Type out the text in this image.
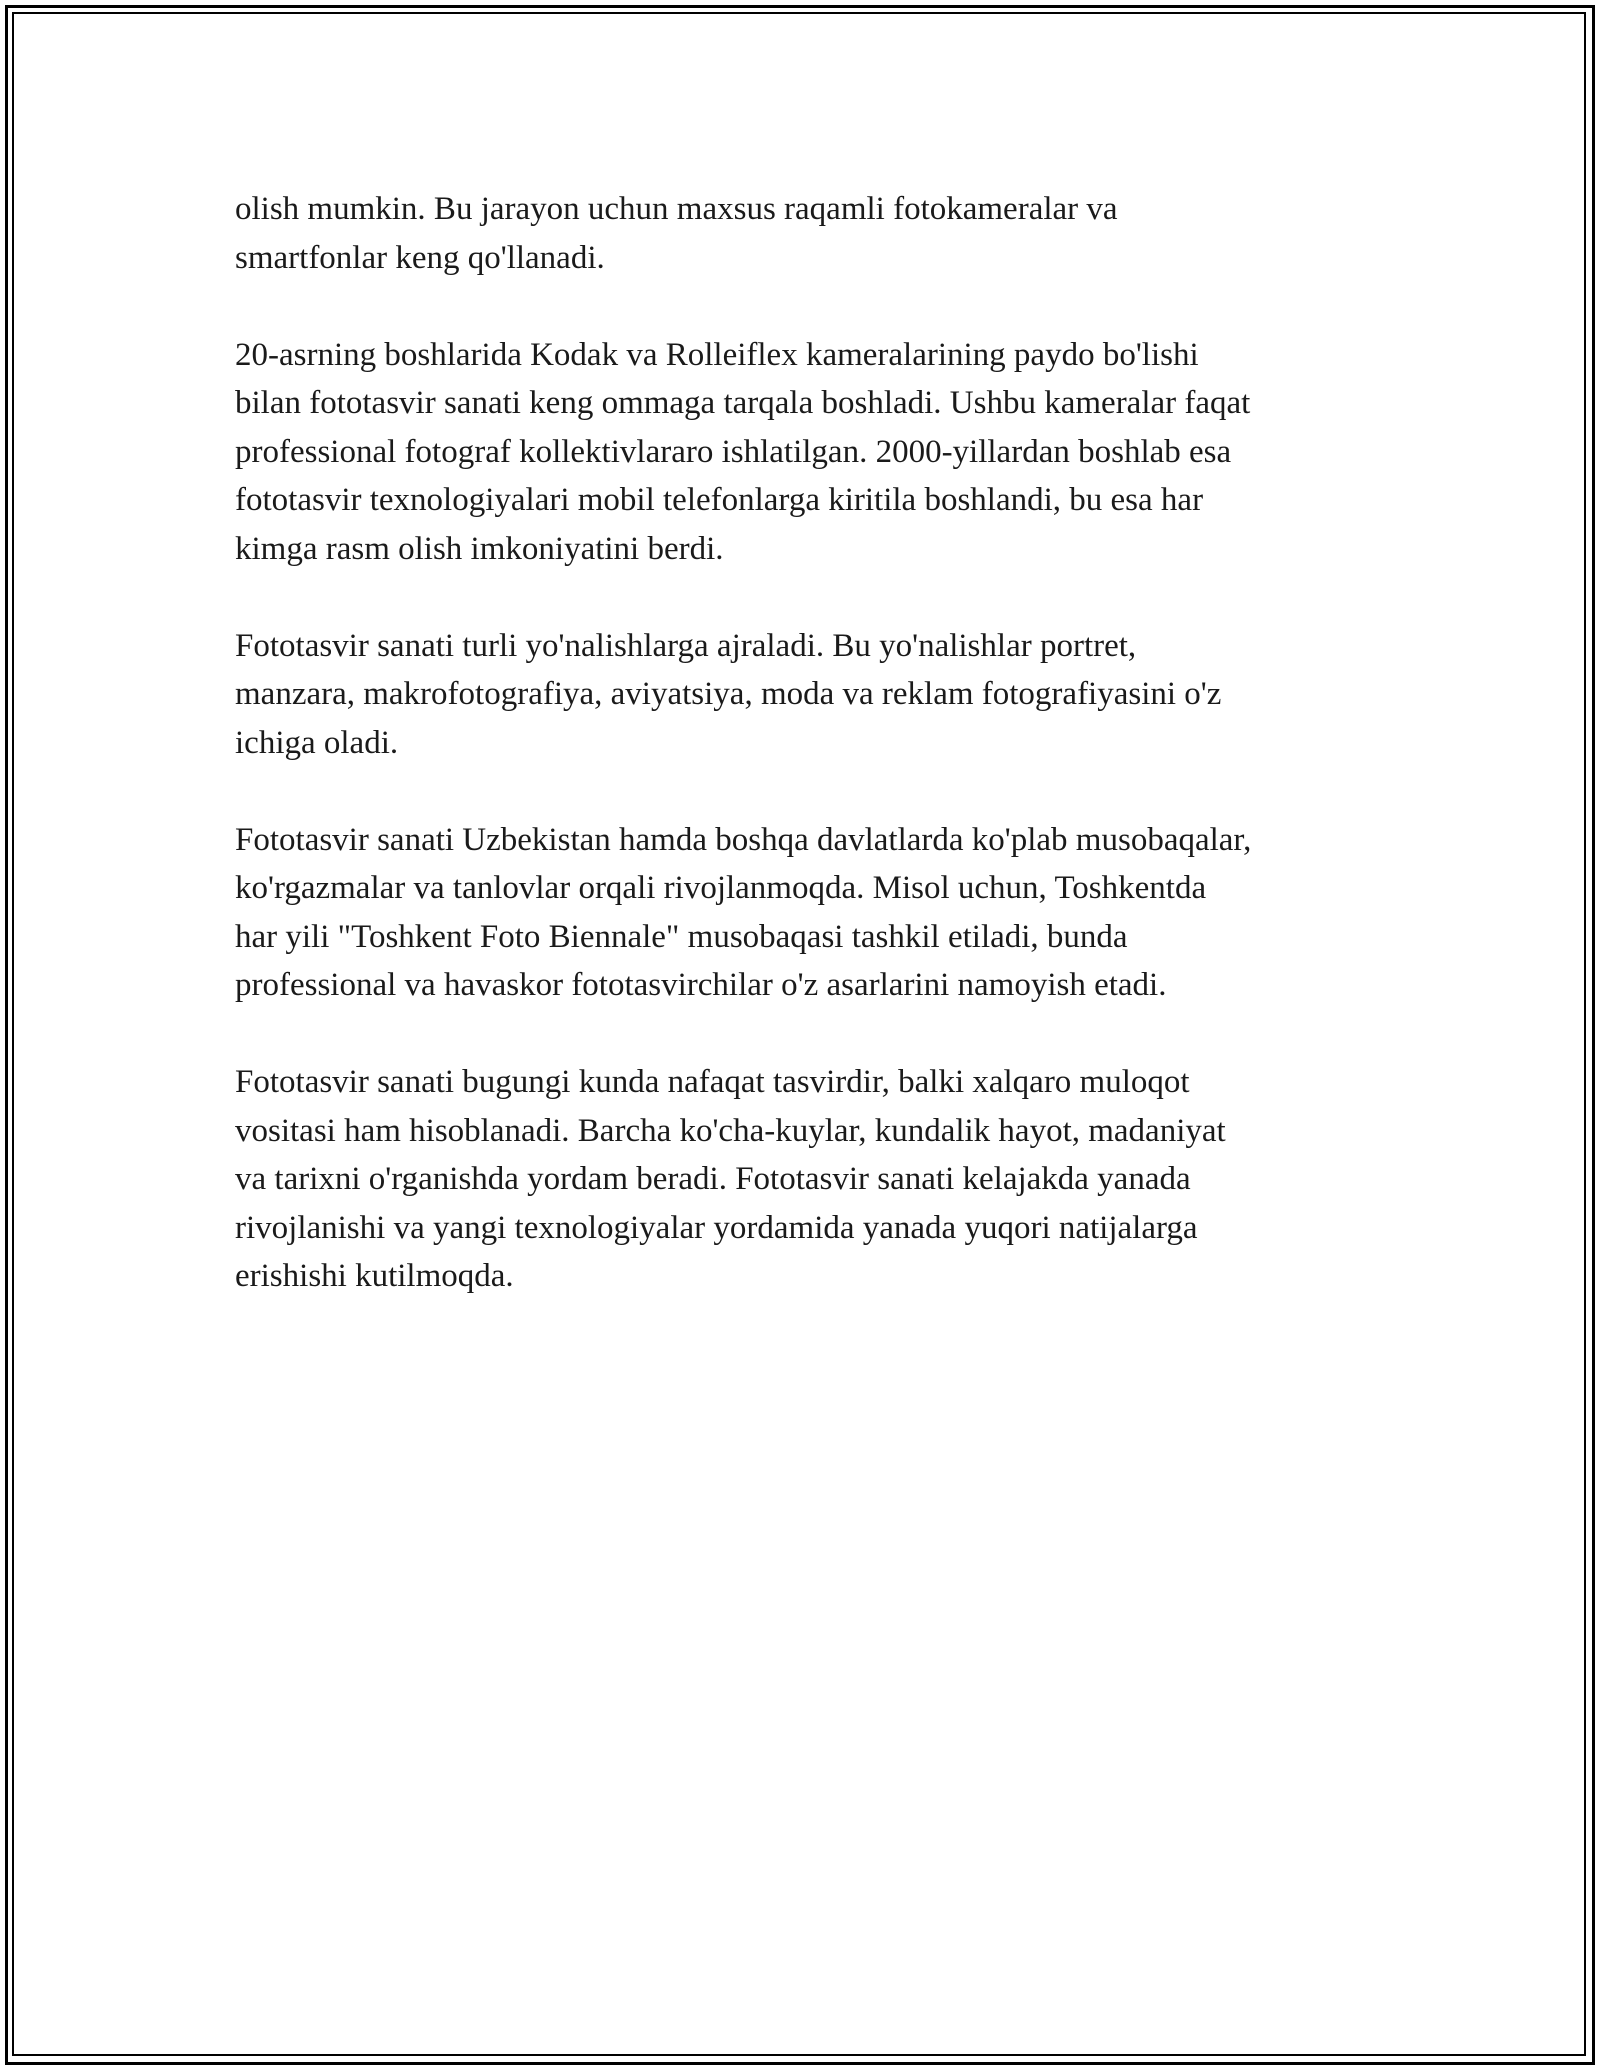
olish mumkin. Bu jarayon uchun maxsus raqamli fotokameralar va
smartfonlar keng qo'llanadi.

20-asrning boshlarida Kodak va Rolleiflex kameralarining paydo bo'lishi
bilan fototasvir sanati keng ommaga tarqala boshladi. Ushbu kameralar faqat
professional fotograf kollektivlararo ishlatilgan. 2000-yillardan boshlab esa
fototasvir texnologiyalari mobil telefonlarga kiritila boshlandi, bu esa har
kimga rasm olish imkoniyatini berdi.

Fototasvir sanati turli yo'nalishlarga ajraladi. Bu yo'nalishlar portret,
manzara, makrofotografiya, aviyatsiya, moda va reklam fotografiyasini o'z
ichiga oladi.

Fototasvir sanati Uzbekistan hamda boshqa davlatlarda ko'plab musobaqalar,
ko'rgazmalar va tanlovlar orqali rivojlanmoqda. Misol uchun, Toshkentda
har yili "Toshkent Foto Biennale" musobaqasi tashkil etiladi, bunda
professional va havaskor fototasvirchilar o'z asarlarini namoyish etadi.

Fototasvir sanati bugungi kunda nafaqat tasvirdir, balki xalqaro muloqot
vositasi ham hisoblanadi. Barcha ko'cha-kuylar, kundalik hayot, madaniyat
va tarixni o'rganishda yordam beradi. Fototasvir sanati kelajakda yanada
rivojlanishi va yangi texnologiyalar yordamida yanada yuqori natijalarga
erishishi kutilmoqda.
